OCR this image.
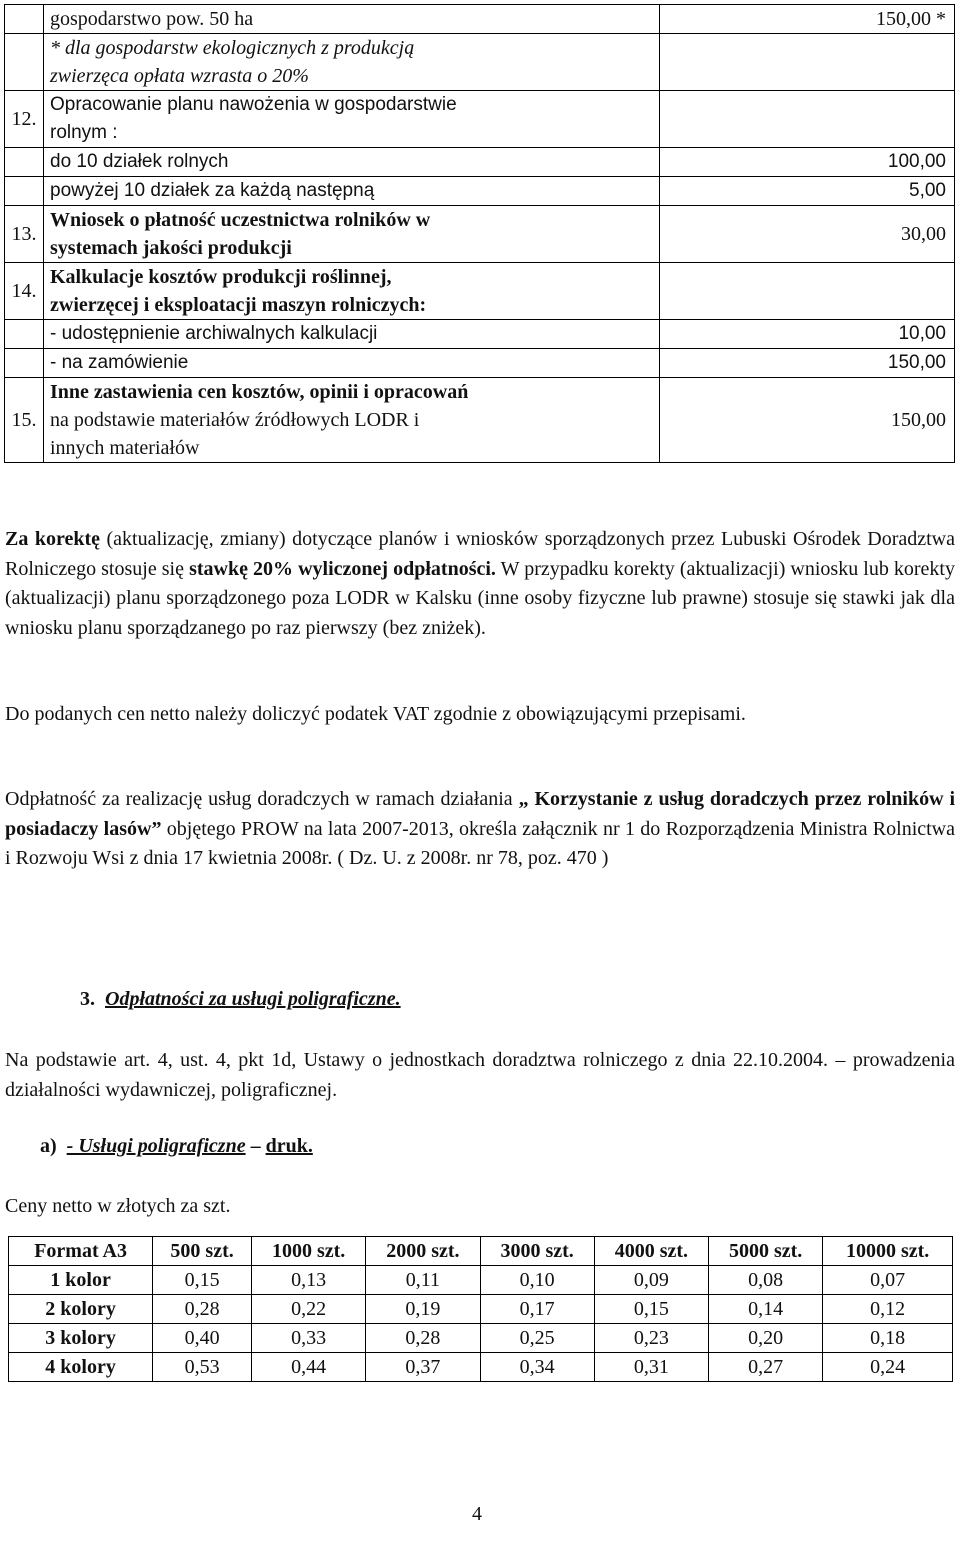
	gospodarstwo pow. 50 ha	150,00 *

	* dla gospodarstw ekologicznych z produkcją
zwierzęca opłata wzrasta o 20%	

12.	Opracowanie planu nawożenia w gospodarstwie
rolnym :	

	do 10 działek rolnych	100,00
	powyżej 10 działek za każdą następną	5,00
13.	Wniosek o płatność uczestnictwa rolników w
systemach jakości produkcji	30,00
14.	Kalkulacje kosztów produkcji roślinnej,
zwierzęcej i eksploatacji maszyn rolniczych:	

	- udostępnienie archiwalnych kalkulacji	10,00
	- na zamówienie	150,00
15.	Inne zastawienia cen kosztów, opinii i opracowań
na podstawie materiałów źródłowych LODR i
innych materiałów	150,00

Za korektę (aktualizację, zmiany) dotyczące planów i wniosków sporządzonych przez Lubuski Ośrodek Doradztwa Rolniczego stosuje się stawkę 20% wyliczonej odpłatności. W przypadku korekty (aktualizacji) wniosku lub korekty (aktualizacji) planu sporządzonego poza LODR w Kalsku (inne osoby fizyczne lub prawne) stosuje się stawki jak dla wniosku planu sporządzanego po raz pierwszy (bez zniżek).

Do podanych cen netto należy doliczyć podatek VAT zgodnie z obowiązującymi przepisami.

Odpłatność za realizację usług doradczych w ramach działania „ Korzystanie z usług doradczych przez rolników i posiadaczy lasów” objętego PROW na lata 2007-2013, określa załącznik nr 1 do Rozporządzenia Ministra Rolnictwa i Rozwoju Wsi z dnia 17 kwietnia 2008r. ( Dz. U. z 2008r. nr 78, poz. 470 )

3. Odpłatności za usługi poligraficzne.

Na podstawie art. 4, ust. 4, pkt 1d, Ustawy o jednostkach doradztwa rolniczego z dnia 22.10.2004. – prowadzenia działalności wydawniczej, poligraficznej.

a) - Usługi poligraficzne – druk.
Ceny netto w złotych za szt.
Format A3	500 szt.	1000 szt.	2000 szt.	3000 szt.	4000 szt.	5000 szt.	10000 szt.
1 kolor	0,15	0,13	0,11	0,10	0,09	0,08	0,07
2 kolory	0,28	0,22	0,19	0,17	0,15	0,14	0,12
3 kolory	0,40	0,33	0,28	0,25	0,23	0,20	0,18
4 kolory	0,53	0,44	0,37	0,34	0,31	0,27	0,24
4
